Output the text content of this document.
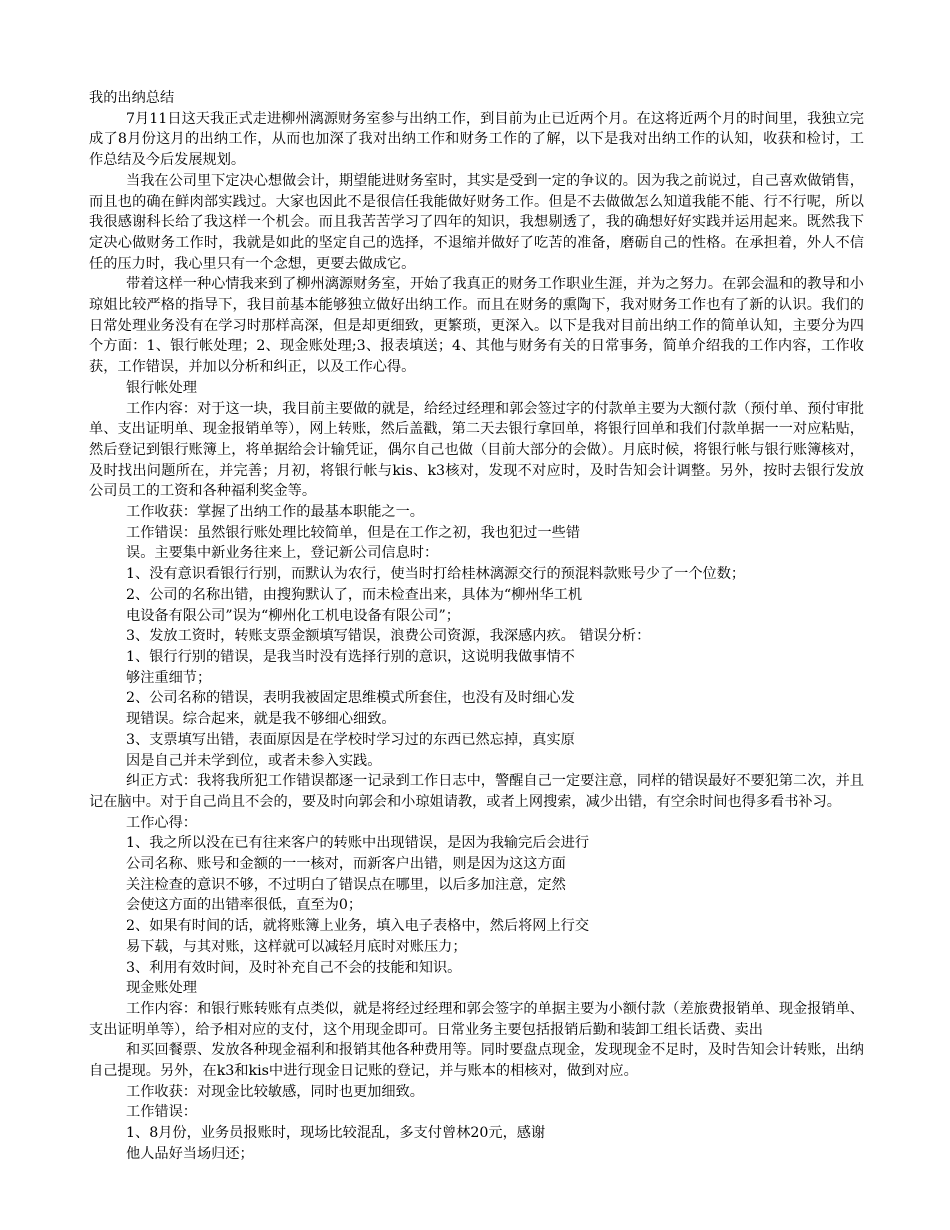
我的出纳总结

7月11日这天我正式走进柳州漓源财务室参与出纳工作，到目前为止已近两个月。在这将近两个月的时间里，我独立完成了8月份这月的出纳工作，从而也加深了我对出纳工作和财务工作的了解，以下是我对出纳工作的认知，收获和检讨，工作总结及今后发展规划。

当我在公司里下定决心想做会计，期望能进财务室时，其实是受到一定的争议的。因为我之前说过，自己喜欢做销售，而且也的确在鲜肉部实践过。大家也因此不是很信任我能做好财务工作。但是不去做做怎么知道我能不能、行不行呢，所以我很感谢科长给了我这样一个机会。而且我苦苦学习了四年的知识，我想剔透了，我的确想好好实践并运用起来。既然我下定决心做财务工作时，我就是如此的坚定自己的选择，不退缩并做好了吃苦的准备，磨砺自己的性格。在承担着，外人不信任的压力时，我心里只有一个念想，更要去做成它。

带着这样一种心情我来到了柳州漓源财务室，开始了我真正的财务工作职业生涯，并为之努力。在郭会温和的教导和小琼姐比较严格的指导下，我目前基本能够独立做好出纳工作。而且在财务的熏陶下，我对财务工作也有了新的认识。我们的日常处理业务没有在学习时那样高深，但是却更细致，更繁琐，更深入。以下是我对目前出纳工作的简单认知，主要分为四个方面：1、银行帐处理；2、现金账处理;3、报表填送；4、其他与财务有关的日常事务，简单介绍我的工作内容，工作收获，工作错误，并加以分析和纠正，以及工作心得。

银行帐处理

工作内容：对于这一块，我目前主要做的就是，给经过经理和郭会签过字的付款单主要为大额付款（预付单、预付审批单、支出证明单、现金报销单等），网上转账，然后盖戳，第二天去银行拿回单，将银行回单和我们付款单据一一对应粘贴，然后登记到银行账簿上，将单据给会计输凭证，偶尔自己也做（目前大部分的会做）。月底时候，将银行帐与银行账簿核对，及时找出问题所在，并完善；月初，将银行帐与kis、k3核对，发现不对应时，及时告知会计调整。另外，按时去银行发放公司员工的工资和各种福利奖金等。

工作收获：掌握了出纳工作的最基本职能之一。

工作错误：虽然银行账处理比较简单，但是在工作之初，我也犯过一些错

误。主要集中新业务往来上，登记新公司信息时：

1、没有意识看银行行别，而默认为农行，使当时打给桂林漓源交行的预混料款账号少了一个位数；

2、公司的名称出错，由搜狗默认了，而未检查出来，具体为“柳州华工机

电设备有限公司”误为“柳州化工机电设备有限公司”；

3、发放工资时，转账支票金额填写错误，浪费公司资源，我深感内疚。 错误分析：

1、银行行别的错误，是我当时没有选择行别的意识，这说明我做事情不

够注重细节；

2、公司名称的错误，表明我被固定思维模式所套住，也没有及时细心发

现错误。综合起来，就是我不够细心细致。

3、支票填写出错，表面原因是在学校时学习过的东西已然忘掉，真实原

因是自己并未学到位，或者未参入实践。

纠正方式：我将我所犯工作错误都逐一记录到工作日志中，警醒自己一定要注意，同样的错误最好不要犯第二次，并且记在脑中。对于自己尚且不会的，要及时向郭会和小琼姐请教，或者上网搜索，减少出错，有空余时间也得多看书补习。

工作心得：

1、我之所以没在已有往来客户的转账中出现错误，是因为我输完后会进行

公司名称、账号和金额的一一核对，而新客户出错，则是因为这这方面

关注检查的意识不够，不过明白了错误点在哪里，以后多加注意，定然

会使这方面的出错率很低，直至为0；

2、如果有时间的话，就将账簿上业务，填入电子表格中，然后将网上行交

易下载，与其对账，这样就可以减轻月底时对账压力；

3、利用有效时间，及时补充自己不会的技能和知识。

现金账处理

工作内容：和银行账转账有点类似，就是将经过经理和郭会签字的单据主要为小额付款（差旅费报销单、现金报销单、支出证明单等），给予相对应的支付，这个用现金即可。日常业务主要包括报销后勤和装卸工组长话费、卖出

和买回餐票、发放各种现金福利和报销其他各种费用等。同时要盘点现金，发现现金不足时，及时告知会计转账，出纳自己提现。另外，在k3和kis中进行现金日记账的登记，并与账本的相核对，做到对应。

工作收获：对现金比较敏感，同时也更加细致。

工作错误：

1、8月份，业务员报账时，现场比较混乱，多支付曾林20元，感谢

他人品好当场归还；
